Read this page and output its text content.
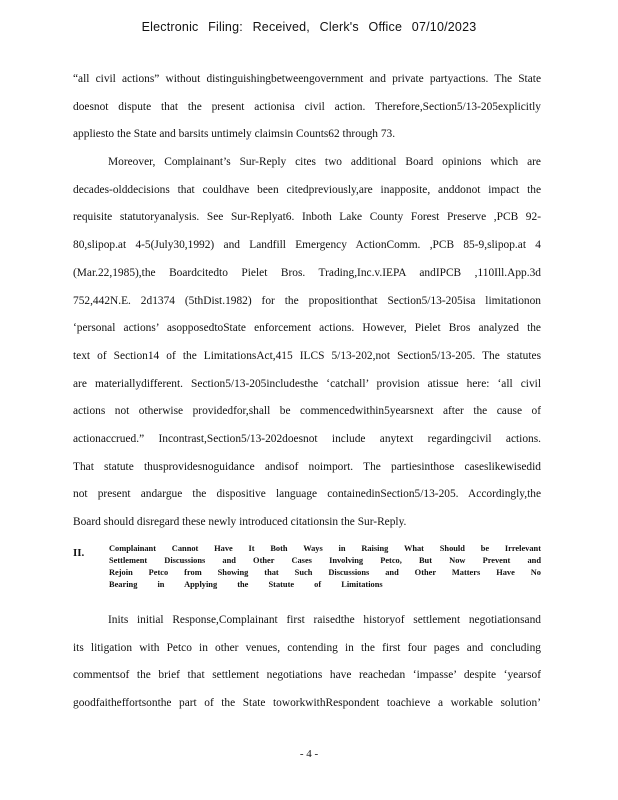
Electronic Filing: Received, Clerk's Office 07/10/2023
“all civil actions” without distinguishingbetweengovernment and private partyactions. The State
doesnot dispute that the present actionisa civil action. Therefore,Section5/13-205explicitly
appliesto the State and barsits untimely claimsin Counts62 through 73.
Moreover, Complainant’s Sur-Reply cites two additional Board opinions which are
decades-olddecisions that couldhave been citedpreviously,are inapposite, anddonot impact the
requisite statutoryanalysis. See Sur-Replyat6. Inboth Lake County Forest Preserve ,PCB 92-
80,slipop.at 4-5(July30,1992) and Landfill Emergency ActionComm. ,PCB 85-9,slipop.at 4
(Mar.22,1985),the Boardcitedto Pielet Bros. Trading,Inc.v.IEPA andIPCB ,110Ill.App.3d
752,442N.E. 2d1374 (5thDist.1982) for the propositionthat Section5/13-205isa limitationon
‘personal actions’ asopposedtoState enforcement actions. However, Pielet Bros analyzed the
text of Section14 of the LimitationsAct,415 ILCS 5/13-202,not Section5/13-205. The statutes
are materiallydifferent. Section5/13-205includesthe ‘catchall’ provision atissue here: ‘all civil
actions not otherwise providedfor,shall be commencedwithin5yearsnext after the cause of
actionaccrued.” Incontrast,Section5/13-202doesnot include anytext regardingcivil actions.
That statute thusprovidesnoguidance andisof noimport. The partiesinthose caseslikewisedid
not present andargue the dispositive language containedinSection5/13-205. Accordingly,the
Board should disregard these newly introduced citationsin the Sur-Reply.
II.	Complainant Cannot Have It Both Ways in Raising What Should be Irrelevant
Settlement Discussions and Other Cases Involving Petco, But Now Prevent and
Rejoin Petco from Showing that Such Discussions and Other Matters Have No
Bearing in Applying the Statute of Limitations
Inits initial Response,Complainant first raisedthe historyof settlement negotiationsand
its litigation with Petco in other venues, contending in the first four pages and concluding
commentsof the brief that settlement negotiations have reachedan ‘impasse’ despite ‘yearsof
goodfaitheffortsonthe part of the State toworkwithRespondent toachieve a workable solution’
- 4 -
